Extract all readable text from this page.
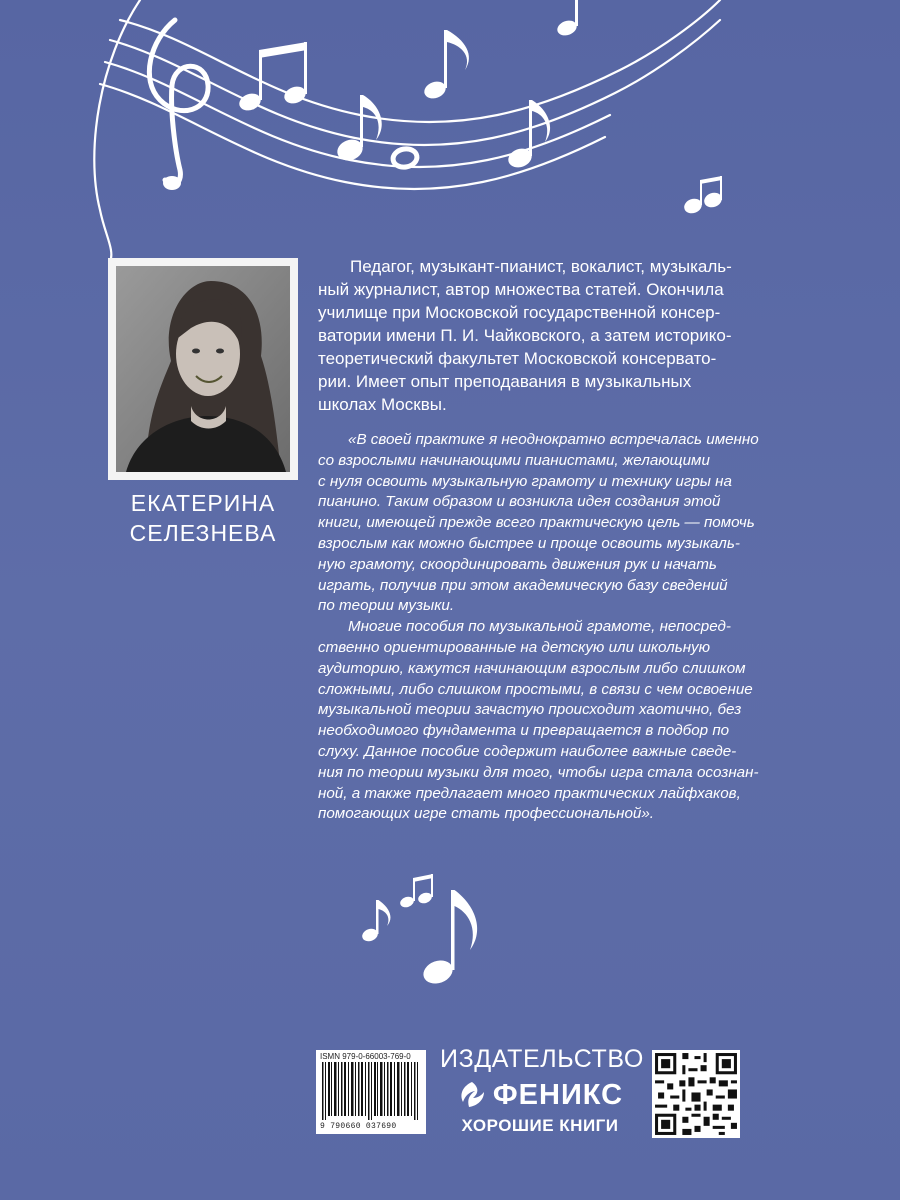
ЕКАТЕРИНА
СЕЛЕЗНЕВА
Педагог, музыкант-пианист, вокалист, музыкаль-
ный журналист, автор множества статей. Окончила
училище при Московской государственной консер-
ватории имени П. И. Чайковского, а затем историко-
теоретический факультет Московской консервато-
рии. Имеет опыт преподавания в музыкальных
школах Москвы.
«В своей практике я неоднократно встречалась именно
со взрослыми начинающими пианистами, желающими
с нуля освоить музыкальную грамоту и технику игры на
пианино. Таким образом и возникла идея создания этой
книги, имеющей прежде всего практическую цель — помочь
взрослым как можно быстрее и проще освоить музыкаль-
ную грамоту, скоординировать движения рук и начать
играть, получив при этом академическую базу сведений
по теории музыки.
Многие пособия по музыкальной грамоте, непосред-
ственно ориентированные на детскую или школьную
аудиторию, кажутся начинающим взрослым либо слишком
сложными, либо слишком простыми, в связи с чем освоение
музыкальной теории зачастую происходит хаотично, без
необходимого фундамента и превращается в подбор по
слуху. Данное пособие содержит наиболее важные сведе-
ния по теории музыки для того, чтобы игра стала осознан-
ной, а также предлагает много практических лайфхаков,
помогающих игре стать профессиональной».
ISMN 979-0-66003-769-0
9 790660 037690
ИЗДАТЕЛЬСТВО
ФЕНИКС
ХОРОШИЕ КНИГИ
